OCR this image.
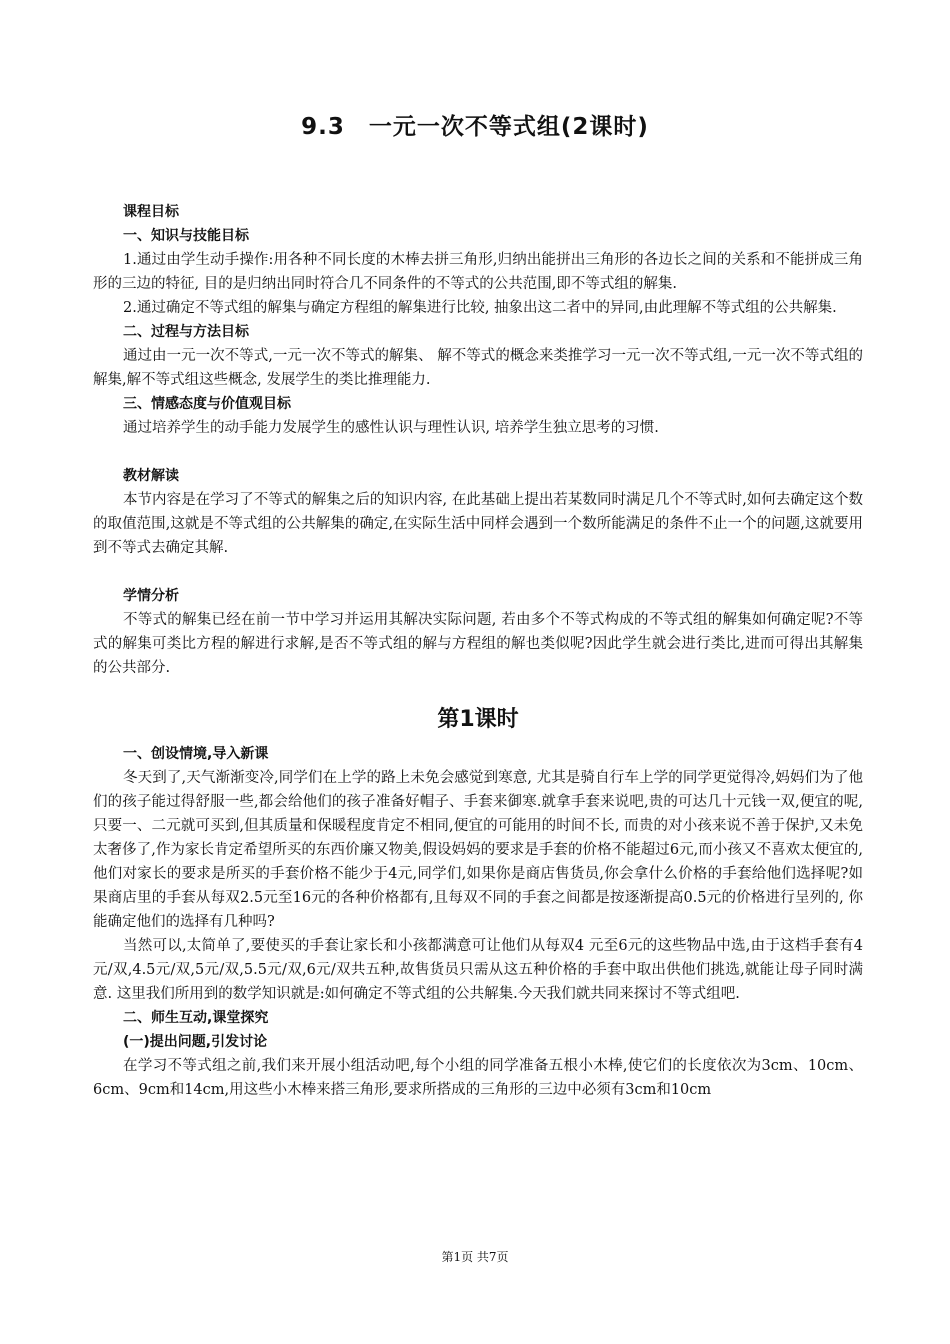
9.3　一元一次不等式组(2课时)
课程目标
一、知识与技能目标

1.通过由学生动手操作:用各种不同长度的木棒去拼三角形,归纳出能拼出三角形的各边长之间的关系和不能拼成三角形的三边的特征, 目的是归纳出同时符合几不同条件的不等式的公共范围,即不等式组的解集.

2.通过确定不等式组的解集与确定方程组的解集进行比较, 抽象出这二者中的异同,由此理解不等式组的公共解集.

二、过程与方法目标

通过由一元一次不等式,一元一次不等式的解集、 解不等式的概念来类推学习一元一次不等式组,一元一次不等式组的解集,解不等式组这些概念, 发展学生的类比推理能力.

三、情感态度与价值观目标

通过培养学生的动手能力发展学生的感性认识与理性认识, 培养学生独立思考的习惯.

教材解读

本节内容是在学习了不等式的解集之后的知识内容, 在此基础上提出若某数同时满足几个不等式时,如何去确定这个数的取值范围,这就是不等式组的公共解集的确定,在实际生活中同样会遇到一个数所能满足的条件不止一个的问题,这就要用到不等式去确定其解.

学情分析

不等式的解集已经在前一节中学习并运用其解决实际问题, 若由多个不等式构成的不等式组的解集如何确定呢?不等式的解集可类比方程的解进行求解,是否不等式组的解与方程组的解也类似呢?因此学生就会进行类比,进而可得出其解集的公共部分.

第1课时
一、创设情境,导入新课

冬天到了,天气渐渐变冷,同学们在上学的路上未免会感觉到寒意, 尤其是骑自行车上学的同学更觉得冷,妈妈们为了他们的孩子能过得舒服一些,都会给他们的孩子准备好帽子、手套来御寒.就拿手套来说吧,贵的可达几十元钱一双,便宜的呢,只要一、二元就可买到,但其质量和保暖程度肯定不相同,便宜的可能用的时间不长, 而贵的对小孩来说不善于保护,又未免太奢侈了,作为家长肯定希望所买的东西价廉又物美,假设妈妈的要求是手套的价格不能超过6元,而小孩又不喜欢太便宜的,他们对家长的要求是所买的手套价格不能少于4元,同学们,如果你是商店售货员,你会拿什么价格的手套给他们选择呢?如果商店里的手套从每双2.5元至16元的各种价格都有,且每双不同的手套之间都是按逐渐提高0.5元的价格进行呈列的, 你能确定他们的选择有几种吗?

当然可以,太简单了,要使买的手套让家长和小孩都满意可让他们从每双4 元至6元的这些物品中选,由于这档手套有4元/双,4.5元/双,5元/双,5.5元/双,6元/双共五种,故售货员只需从这五种价格的手套中取出供他们挑选,就能让母子同时满意. 这里我们所用到的数学知识就是:如何确定不等式组的公共解集.今天我们就共同来探讨不等式组吧.

二、师生互动,课堂探究
(一)提出问题,引发讨论

在学习不等式组之前,我们来开展小组活动吧,每个小组的同学准备五根小木棒,使它们的长度依次为3cm、10cm、6cm、9cm和14cm,用这些小木棒来搭三角形,要求所搭成的三角形的三边中必须有3cm和10cm

第1页 共7页
